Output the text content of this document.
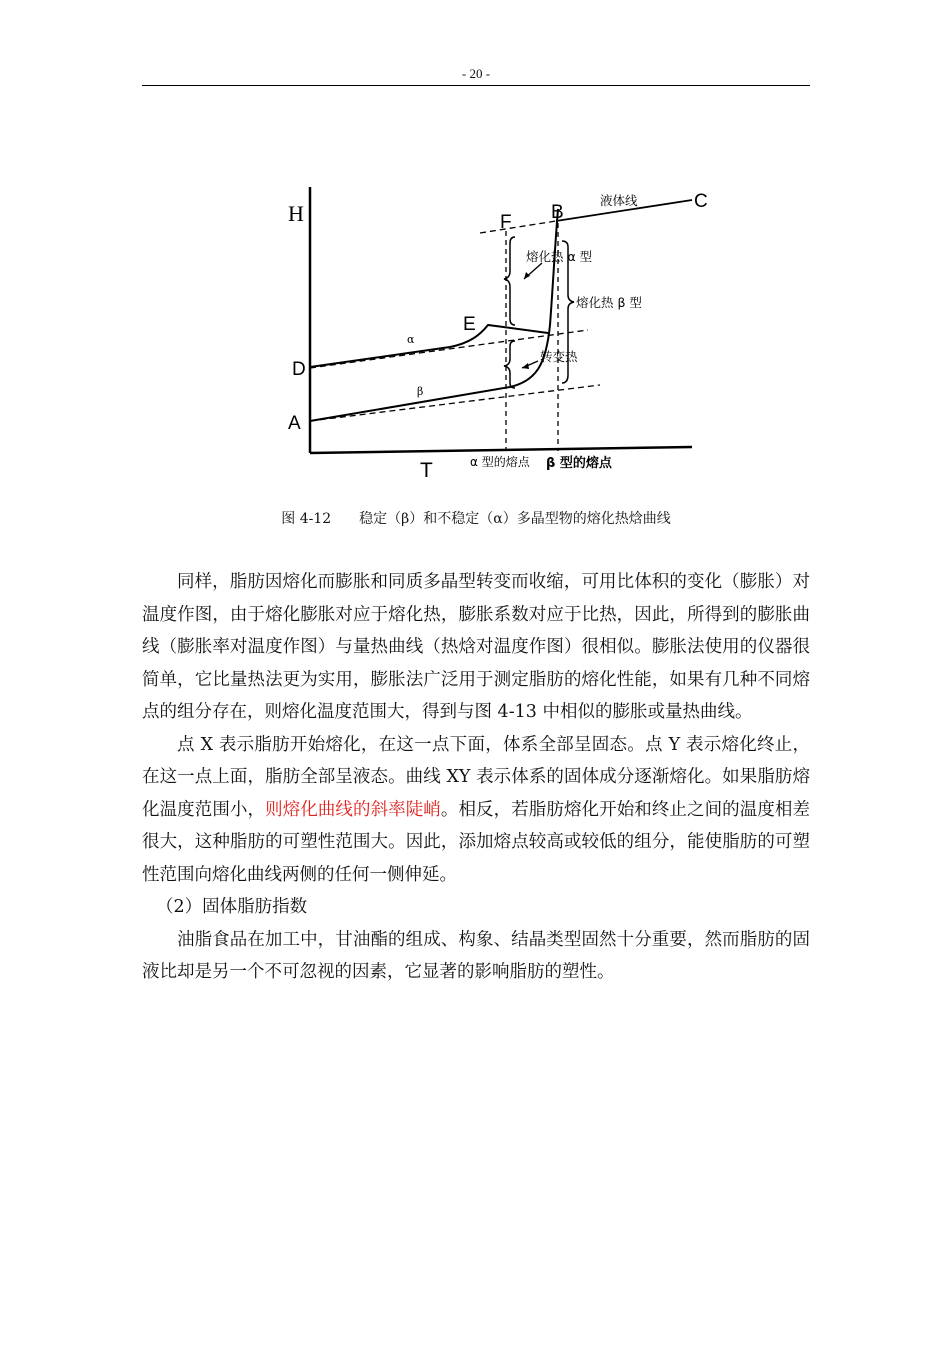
- 20 -
H
T
A
B
C
D
E
F
液体线
熔化热 α 型
熔化热 β 型
转变热
α
β
α 型的熔点 β 型的熔点
图 4-12 稳定（β）和不稳定（α）多晶型物的熔化热焓曲线

同样，脂肪因熔化而膨胀和同质多晶型转变而收缩，可用比体积的变化（膨胀）对温度作图，由于熔化膨胀对应于熔化热，膨胀系数对应于比热，因此，所得到的膨胀曲线（膨胀率对温度作图）与量热曲线（热焓对温度作图）很相似。膨胀法使用的仪器很简单，它比量热法更为实用，膨胀法广泛用于测定脂肪的熔化性能，如果有几种不同熔点的组分存在，则熔化温度范围大，得到与图 4-13 中相似的膨胀或量热曲线。

点 X 表示脂肪开始熔化，在这一点下面，体系全部呈固态。点 Y 表示熔化终止，在这一点上面，脂肪全部呈液态。曲线 XY 表示体系的固体成分逐渐熔化。如果脂肪熔化温度范围小，则熔化曲线的斜率陡峭。相反，若脂肪熔化开始和终止之间的温度相差很大，这种脂肪的可塑性范围大。因此，添加熔点较高或较低的组分，能使脂肪的可塑性范围向熔化曲线两侧的任何一侧伸延。

（2）固体脂肪指数

油脂食品在加工中，甘油酯的组成、构象、结晶类型固然十分重要，然而脂肪的固液比却是另一个不可忽视的因素，它显著的影响脂肪的塑性。
